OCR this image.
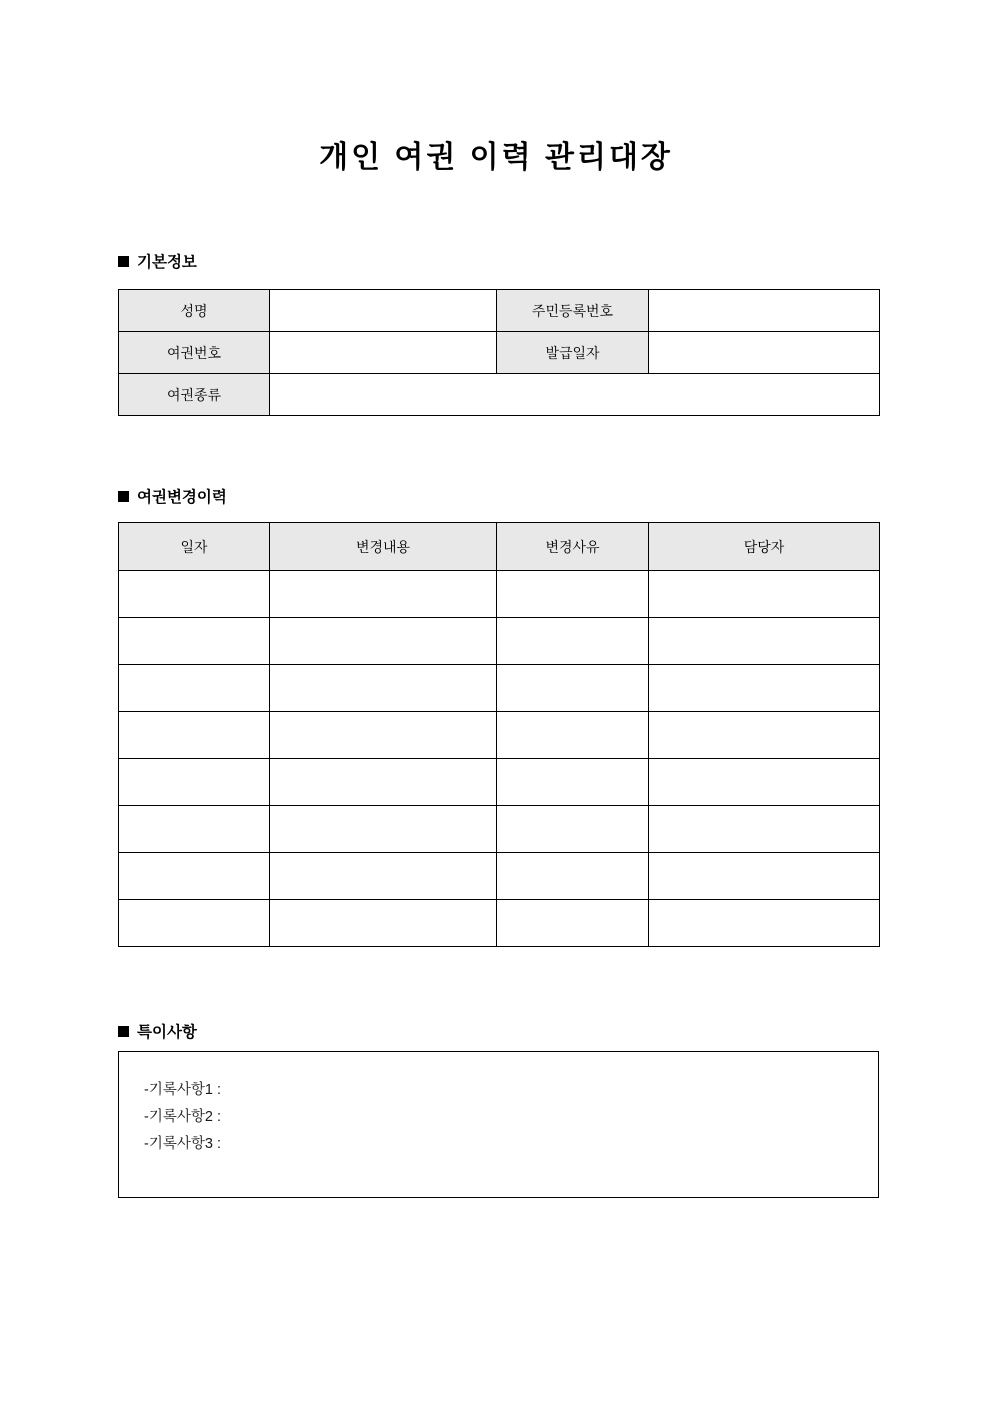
개인 여권 이력 관리대장
기본정보
성명		주민등록번호	
여권번호		발급일자	
여권종류			
여권변경이력
일자	변경내용	변경사유	담당자

특이사항
-기록사항1 :
-기록사항2 :
-기록사항3 :
